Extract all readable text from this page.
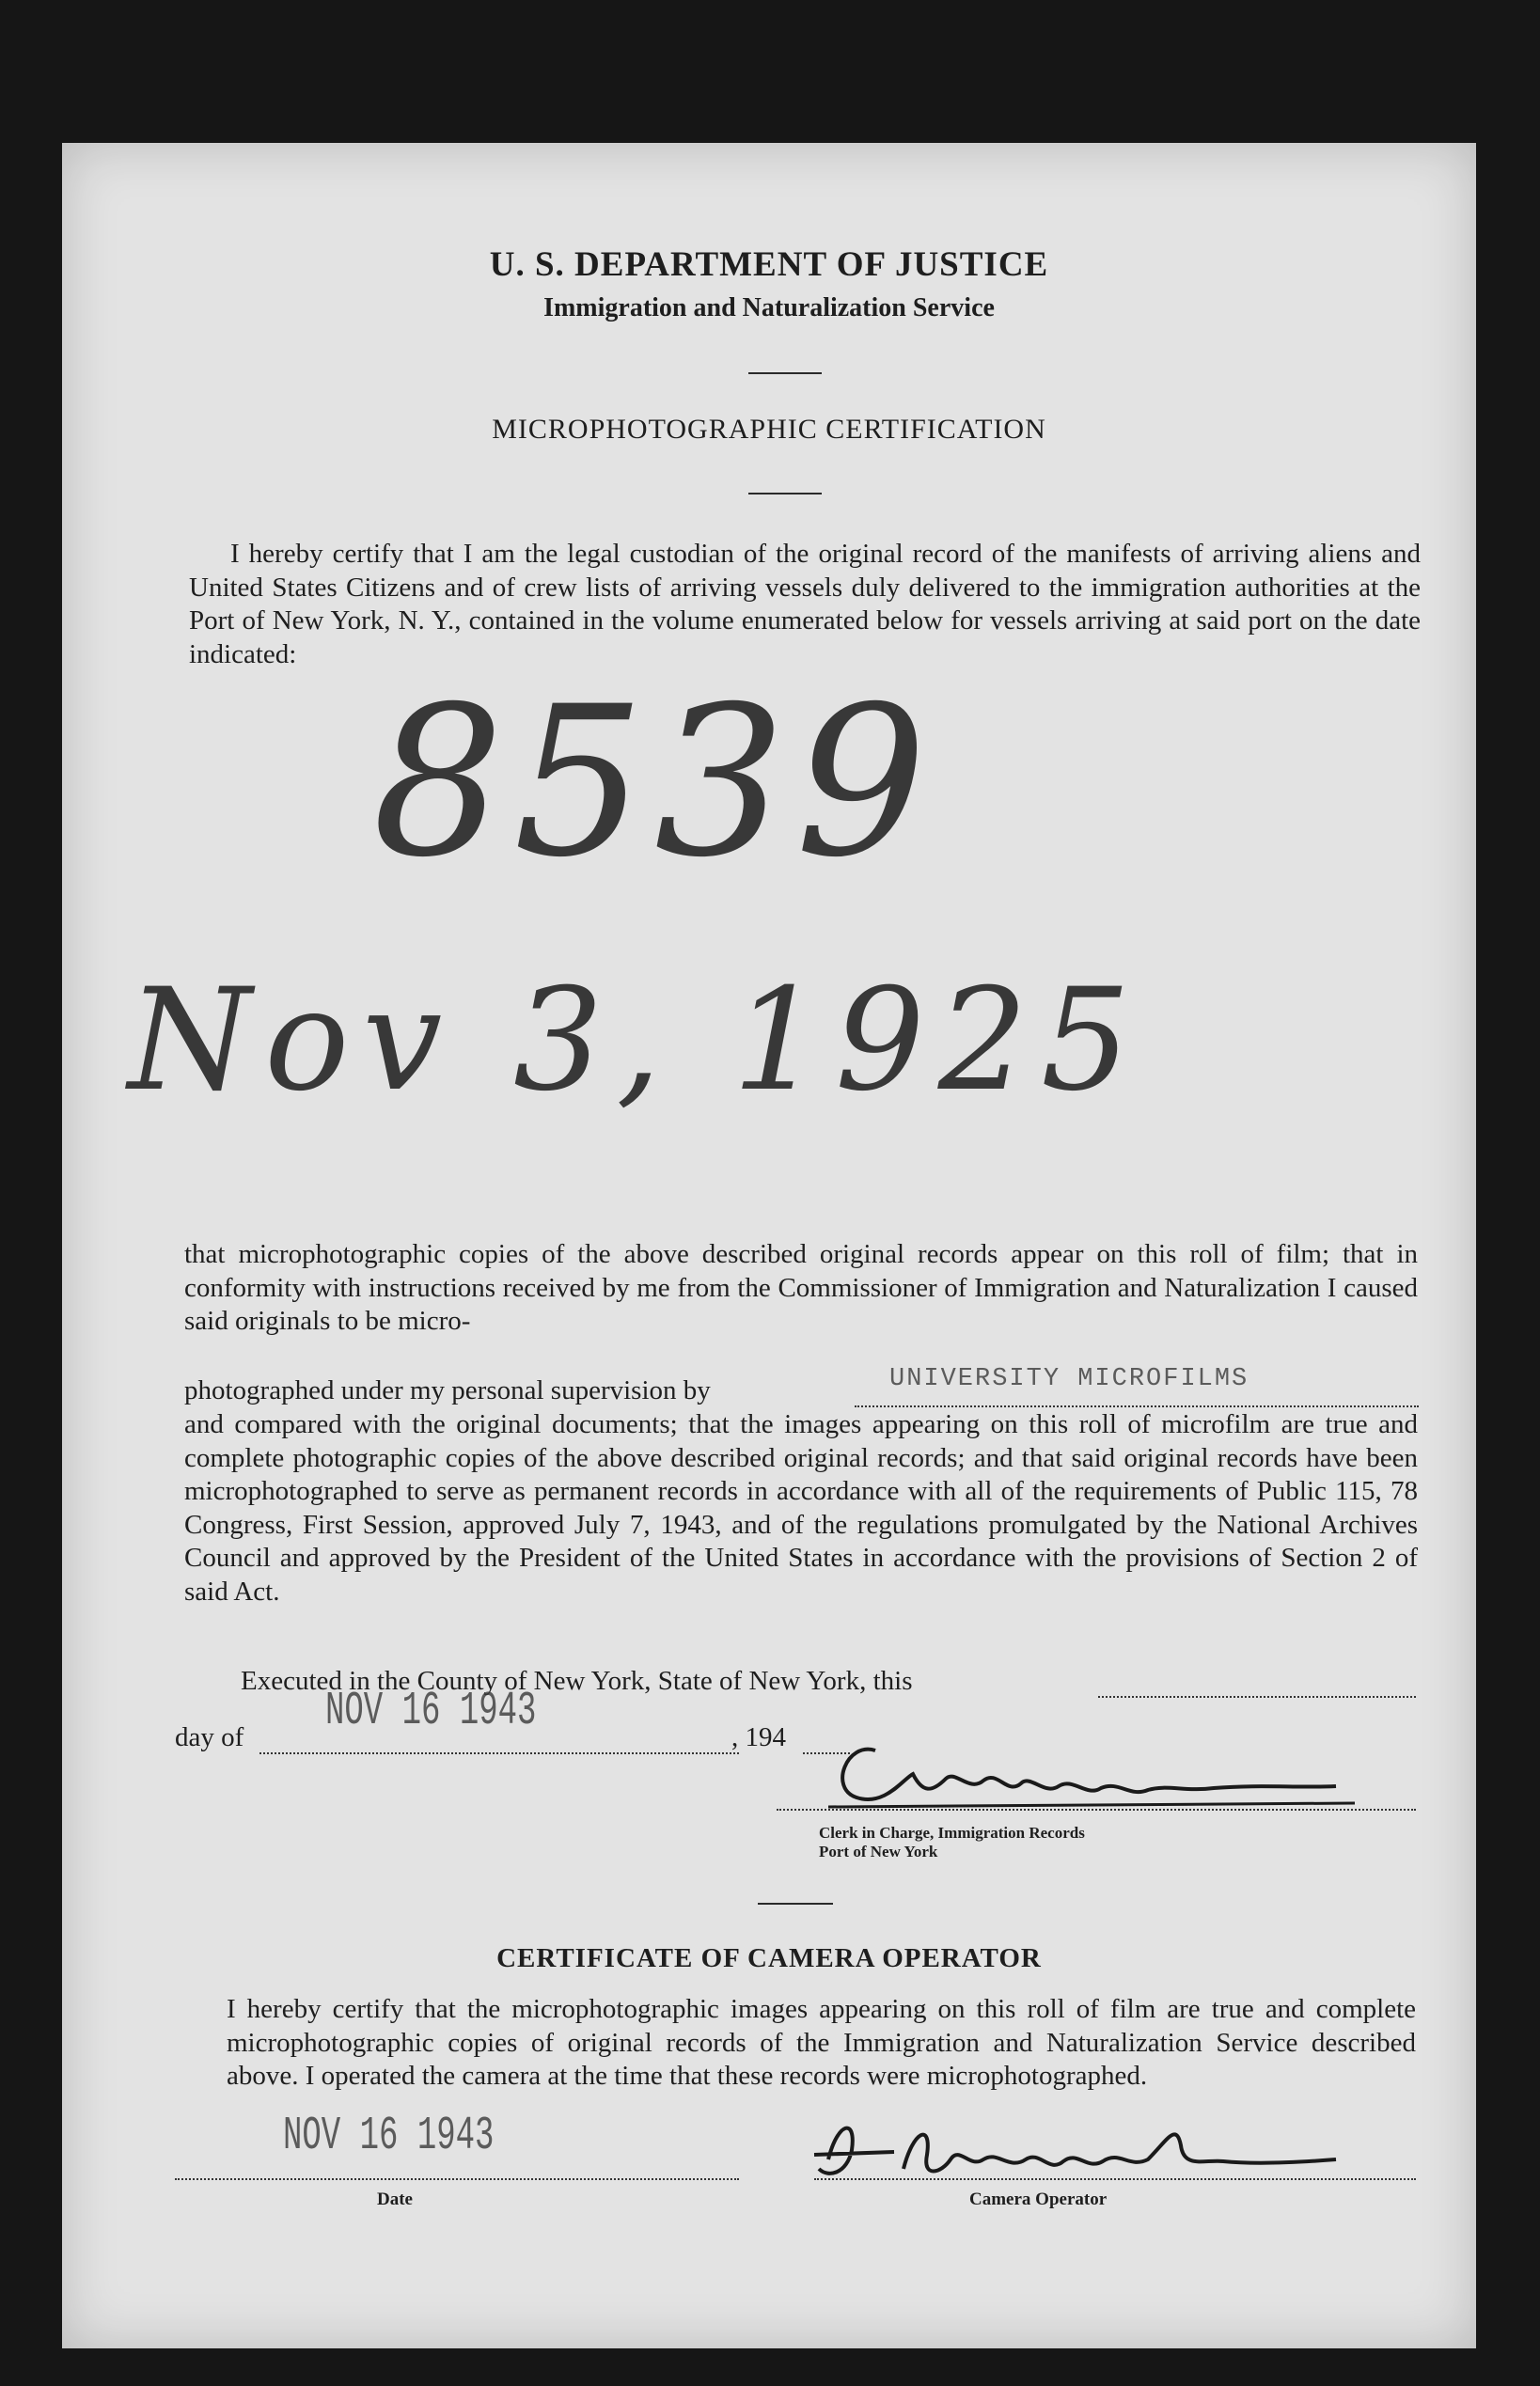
U. S. DEPARTMENT OF JUSTICE
Immigration and Naturalization Service
MICROPHOTOGRAPHIC CERTIFICATION
I hereby certify that I am the legal custodian of the original record of the manifests of arriving aliens and United States Citizens and of crew lists of arriving vessels duly delivered to the immigration authorities at the Port of New York, N. Y., contained in the volume enumerated below for vessels arriving at said port on the date indicated:
8539
Nov 3, 1925
that microphotographic copies of the above described original records appear on this roll of film; that in conformity with instructions received by me from the Commissioner of Immigration and Naturalization I caused said originals to be micro-
photographed under my personal supervision by	UNIVERSITY MICROFILMS
and compared with the original documents; that the images appearing on this roll of microfilm are true and complete photographic copies of the above described original records; and that said original records have been microphotographed to serve as permanent records in accordance with all of the requirements of Public 115, 78 Congress, First Session, approved July 7, 1943, and of the regulations promulgated by the National Archives Council and approved by the President of the United States in accordance with the provisions of Section 2 of said Act.
Executed in the County of New York, State of New York, this
day of NOV 16 1943	, 194
Clerk in Charge, Immigration Records
Port of New York
CERTIFICATE OF CAMERA OPERATOR
I hereby certify that the microphotographic images appearing on this roll of film are true and complete microphotographic copies of original records of the Immigration and Naturalization Service described above. I operated the camera at the time that these records were microphotographed.
NOV 16 1943
Date	Camera Operator
